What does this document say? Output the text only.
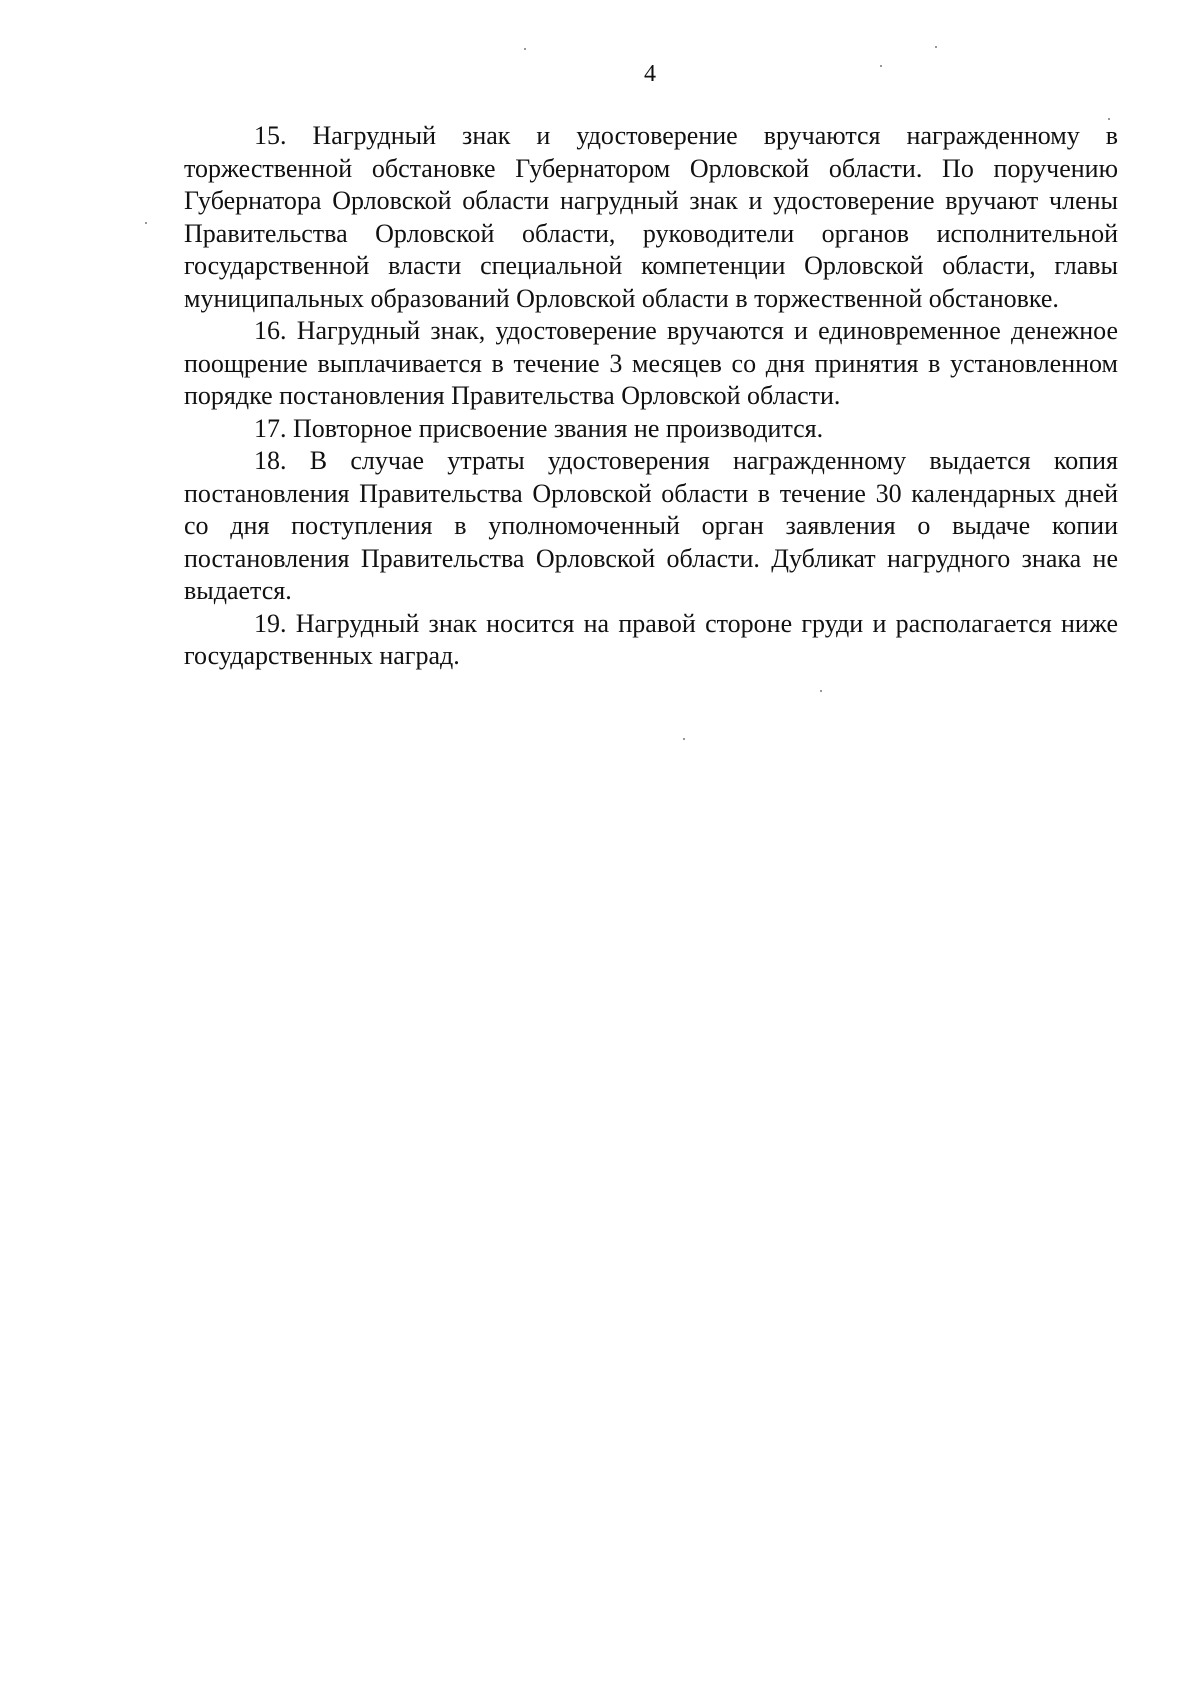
4

15. Нагрудный знак и удостоверение вручаются награжденному в торжественной обстановке Губернатором Орловской области. По поручению Губернатора Орловской области нагрудный знак и удостоверение вручают члены Правительства Орловской области, руководители органов исполнительной государственной власти специальной компетенции Орловской области, главы муниципальных образований Орловской области в торжественной обстановке.

16. Нагрудный знак, удостоверение вручаются и единовременное денежное поощрение выплачивается в течение 3 месяцев со дня принятия в установленном порядке постановления Правительства Орловской области.

17. Повторное присвоение звания не производится.

18. В случае утраты удостоверения награжденному выдается копия постановления Правительства Орловской области в течение 30 календарных дней со дня поступления в уполномоченный орган заявления о выдаче копии постановления Правительства Орловской области. Дубликат нагрудного знака не выдается.

19. Нагрудный знак носится на правой стороне груди и располагается ниже государственных наград.
